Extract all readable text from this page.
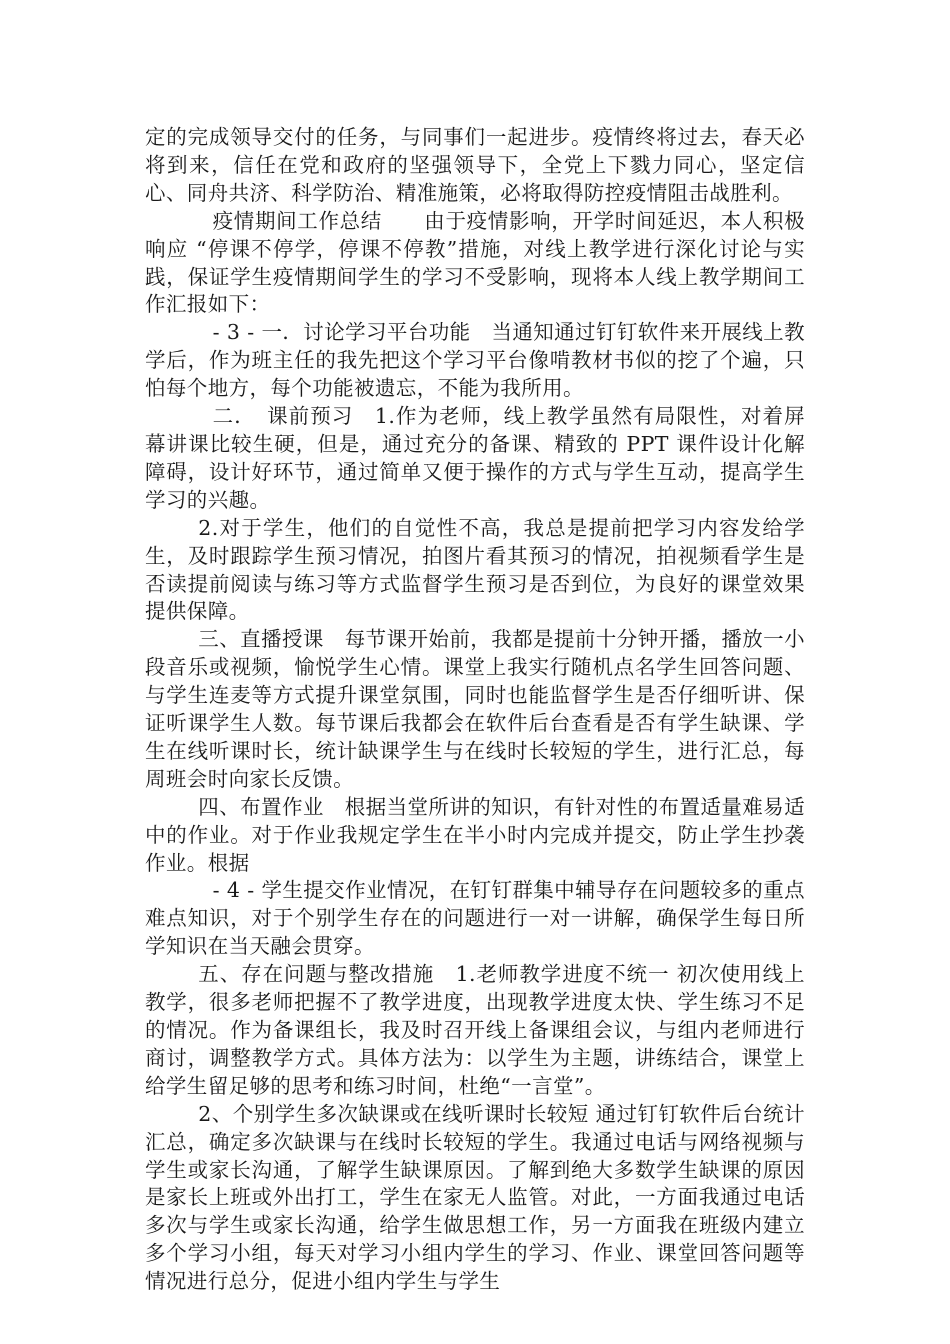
定的完成领导交付的任务，与同事们一起进步。疫情终将过去，春天必将到来，信任在党和政府的坚强领导下，全党上下戮力同心，坚定信心、同舟共济、科学防治、精准施策，必将取得防控疫情阻击战胜利。

疫情期间工作总结　　由于疫情影响，开学时间延迟，本人积极响应 “停课不停学，停课不停教”措施，对线上教学进行深化讨论与实践，保证学生疫情期间学生的学习不受影响，现将本人线上教学期间工作汇报如下：

- 3 - 一．讨论学习平台功能　当通知通过钉钉软件来开展线上教学后，作为班主任的我先把这个学习平台像啃教材书似的挖了个遍，只怕每个地方，每个功能被遗忘，不能为我所用。

二．　课前预习　1.作为老师，线上教学虽然有局限性，对着屏幕讲课比较生硬，但是，通过充分的备课、精致的 PPT 课件设计化解障碍，设计好环节，通过简单又便于操作的方式与学生互动，提高学生学习的兴趣。

2.对于学生，他们的自觉性不高，我总是提前把学习内容发给学生，及时跟踪学生预习情况，拍图片看其预习的情况，拍视频看学生是否读提前阅读与练习等方式监督学生预习是否到位，为良好的课堂效果提供保障。

三、直播授课　每节课开始前，我都是提前十分钟开播，播放一小段音乐或视频，愉悦学生心情。课堂上我实行随机点名学生回答问题、与学生连麦等方式提升课堂氛围，同时也能监督学生是否仔细听讲、保证听课学生人数。每节课后我都会在软件后台查看是否有学生缺课、学生在线听课时长，统计缺课学生与在线时长较短的学生，进行汇总，每周班会时向家长反馈。

四、布置作业　根据当堂所讲的知识，有针对性的布置适量难易适中的作业。对于作业我规定学生在半小时内完成并提交，防止学生抄袭作业。根据

- 4 - 学生提交作业情况，在钉钉群集中辅导存在问题较多的重点难点知识，对于个别学生存在的问题进行一对一讲解，确保学生每日所学知识在当天融会贯穿。

五、存在问题与整改措施　1.老师教学进度不统一 初次使用线上教学，很多老师把握不了教学进度，出现教学进度太快、学生练习不足的情况。作为备课组长，我及时召开线上备课组会议，与组内老师进行商讨，调整教学方式。具体方法为：以学生为主题，讲练结合，课堂上给学生留足够的思考和练习时间，杜绝“一言堂”。

2、个别学生多次缺课或在线听课时长较短 通过钉钉软件后台统计汇总，确定多次缺课与在线时长较短的学生。我通过电话与网络视频与学生或家长沟通，了解学生缺课原因。了解到绝大多数学生缺课的原因是家长上班或外出打工，学生在家无人监管。对此，一方面我通过电话多次与学生或家长沟通，给学生做思想工作，另一方面我在班级内建立多个学习小组，每天对学习小组内学生的学习、作业、课堂回答问题等情况进行总分，促进小组内学生与学生
